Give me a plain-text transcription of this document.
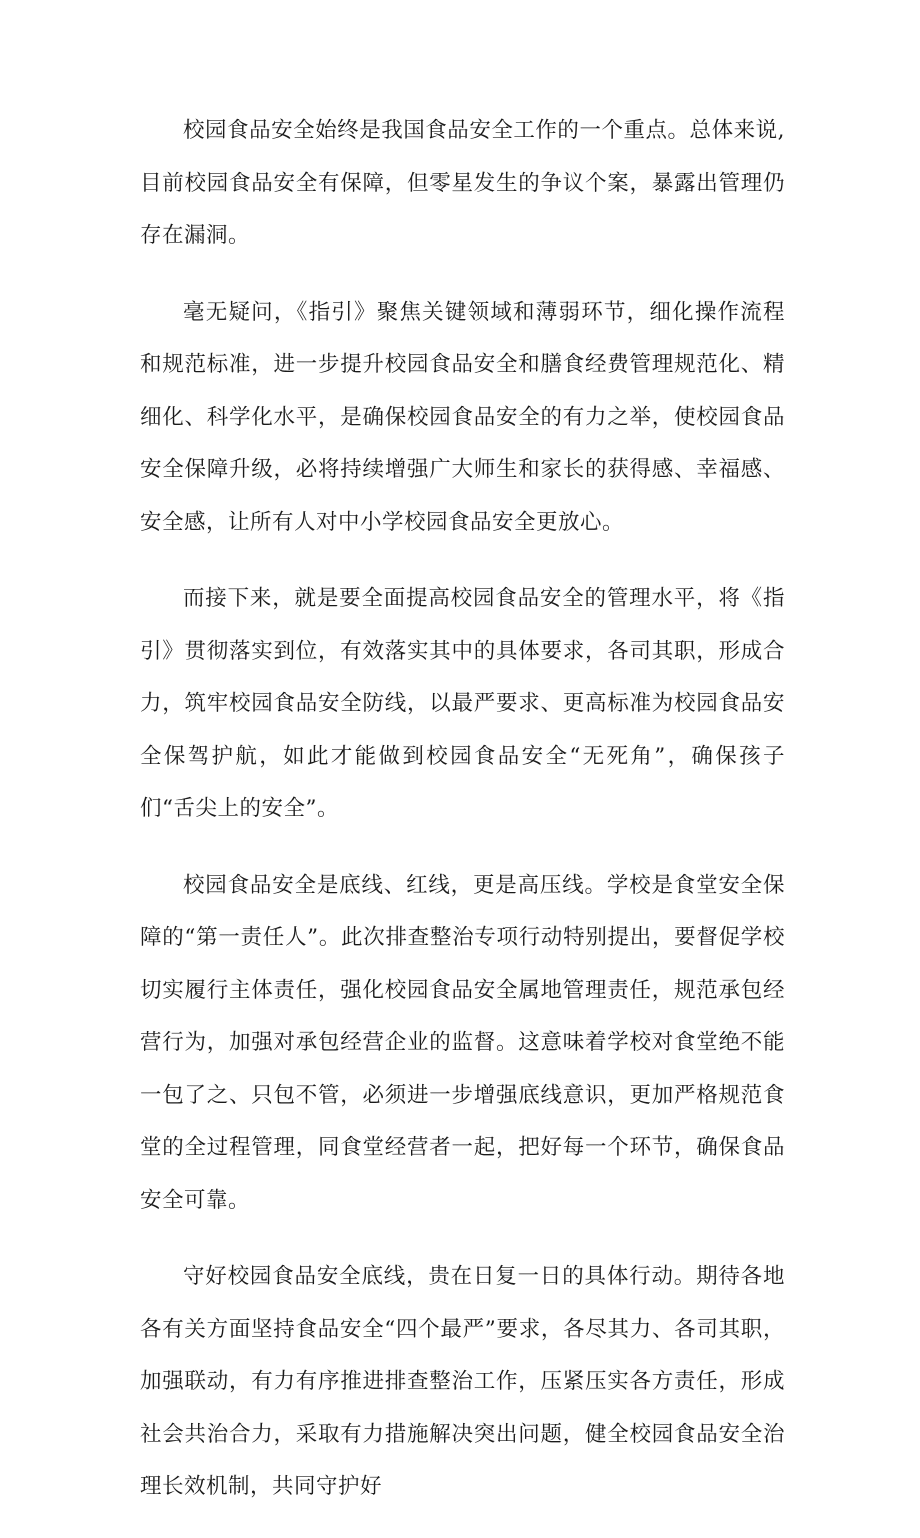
校园食品安全始终是我国食品安全工作的一个重点。总体来说,目前校园食品安全有保障，但零星发生的争议个案，暴露出管理仍存在漏洞。

毫无疑问，《指引》聚焦关键领域和薄弱环节，细化操作流程和规范标准，进一步提升校园食品安全和膳食经费管理规范化、精细化、科学化水平，是确保校园食品安全的有力之举，使校园食品安全保障升级，必将持续增强广大师生和家长的获得感、幸福感、安全感，让所有人对中小学校园食品安全更放心。

而接下来，就是要全面提高校园食品安全的管理水平，将《指引》贯彻落实到位，有效落实其中的具体要求，各司其职，形成合力，筑牢校园食品安全防线，以最严要求、更高标准为校园食品安全保驾护航，如此才能做到校园食品安全“无死角”，确保孩子们“舌尖上的安全”。

校园食品安全是底线、红线，更是高压线。学校是食堂安全保障的“第一责任人”。此次排查整治专项行动特别提出，要督促学校切实履行主体责任，强化校园食品安全属地管理责任，规范承包经营行为，加强对承包经营企业的监督。这意味着学校对食堂绝不能一包了之、只包不管，必须进一步增强底线意识，更加严格规范食堂的全过程管理，同食堂经营者一起，把好每一个环节，确保食品安全可靠。

守好校园食品安全底线，贵在日复一日的具体行动。期待各地各有关方面坚持食品安全“四个最严”要求，各尽其力、各司其职，加强联动，有力有序推进排查整治工作，压紧压实各方责任，形成社会共治合力，采取有力措施解决突出问题，健全校园食品安全治理长效机制，共同守护好
